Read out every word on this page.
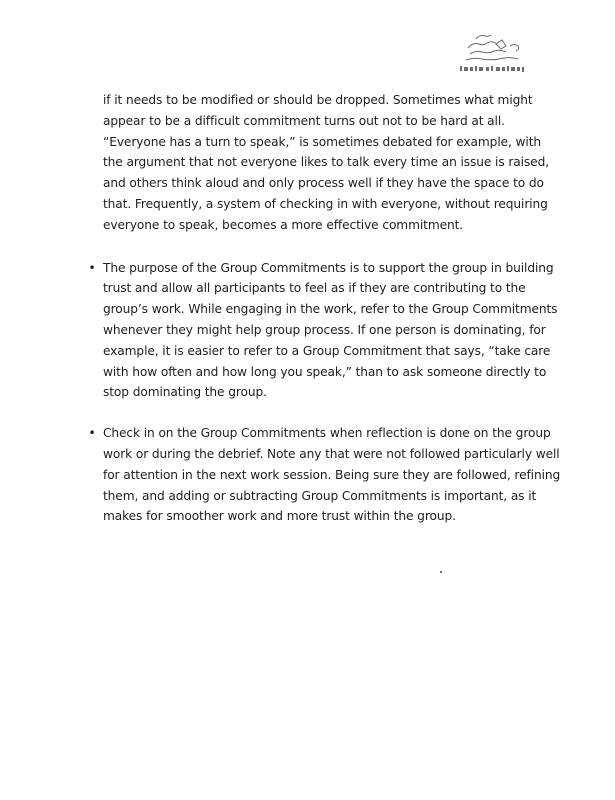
if it needs to be modified or should be dropped. Sometimes what might appear to be a difficult commitment turns out not to be hard at all. “Everyone has a turn to speak,” is sometimes debated for example, with the argument that not everyone likes to talk every time an issue is raised, and others think aloud and only process well if they have the space to do that. Frequently, a system of checking in with everyone, without requiring everyone to speak, becomes a more effective commitment.

• The purpose of the Group Commitments is to support the group in building trust and allow all participants to feel as if they are contributing to the group’s work. While engaging in the work, refer to the Group Commitments whenever they might help group process. If one person is dominating, for example, it is easier to refer to a Group Commitment that says, “take care with how often and how long you speak,” than to ask someone directly to stop dominating the group.
• Check in on the Group Commitments when reflection is done on the group work or during the debrief. Note any that were not followed particularly well for attention in the next work session. Being sure they are followed, refining them, and adding or subtracting Group Commitments is important, as it makes for smoother work and more trust within the group.
